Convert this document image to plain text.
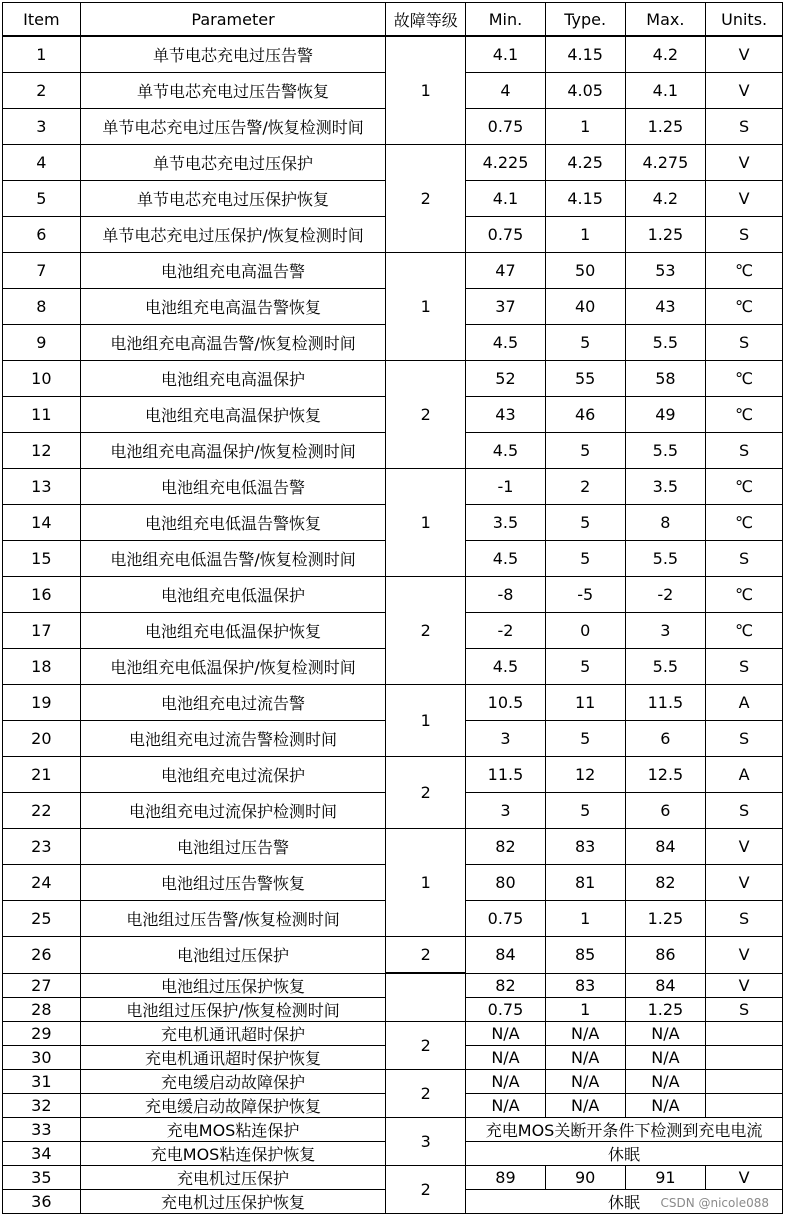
Item	Parameter	故障等级	Min.	Type.	Max.	Units.
1	单节电芯充电过压告警	1	4.1	4.15	4.2	V
2	单节电芯充电过压告警恢复		4	4.05	4.1	V
3	单节电芯充电过压告警/恢复检测时间		0.75	1	1.25	S
4	单节电芯充电过压保护	2	4.225	4.25	4.275	V
5	单节电芯充电过压保护恢复		4.1	4.15	4.2	V
6	单节电芯充电过压保护/恢复检测时间		0.75	1	1.25	S
7	电池组充电高温告警	1	47	50	53	℃
8	电池组充电高温告警恢复		37	40	43	℃
9	电池组充电高温告警/恢复检测时间		4.5	5	5.5	S
10	电池组充电高温保护	2	52	55	58	℃
11	电池组充电高温保护恢复		43	46	49	℃
12	电池组充电高温保护/恢复检测时间		4.5	5	5.5	S
13	电池组充电低温告警	1	-1	2	3.5	℃
14	电池组充电低温告警恢复		3.5	5	8	℃
15	电池组充电低温告警/恢复检测时间		4.5	5	5.5	S
16	电池组充电低温保护	2	-8	-5	-2	℃
17	电池组充电低温保护恢复		-2	0	3	℃
18	电池组充电低温保护/恢复检测时间		4.5	5	5.5	S
19	电池组充电过流告警	1	10.5	11	11.5	A
20	电池组充电过流告警检测时间		3	5	6	S
21	电池组充电过流保护	2	11.5	12	12.5	A
22	电池组充电过流保护检测时间		3	5	6	S
23	电池组过压告警	1	82	83	84	V
24	电池组过压告警恢复		80	81	82	V
25	电池组过压告警/恢复检测时间		0.75	1	1.25	S
26	电池组过压保护	2	84	85	86	V
27	电池组过压保护恢复		82	83	84	V
28	电池组过压保护/恢复检测时间		0.75	1	1.25	S
29	充电机通讯超时保护	2	N/A	N/A	N/A	
30	充电机通讯超时保护恢复		N/A	N/A	N/A	
31	充电缓启动故障保护	2	N/A	N/A	N/A	
32	充电缓启动故障保护恢复		N/A	N/A	N/A	
33	充电MOS粘连保护	3	充电MOS关断开条件下检测到充电电流			
34	充电MOS粘连保护恢复		休眠			
35	充电机过压保护	2	89	90	91	V
36	充电机过压保护恢复		休眠			CSDN @nicole088
